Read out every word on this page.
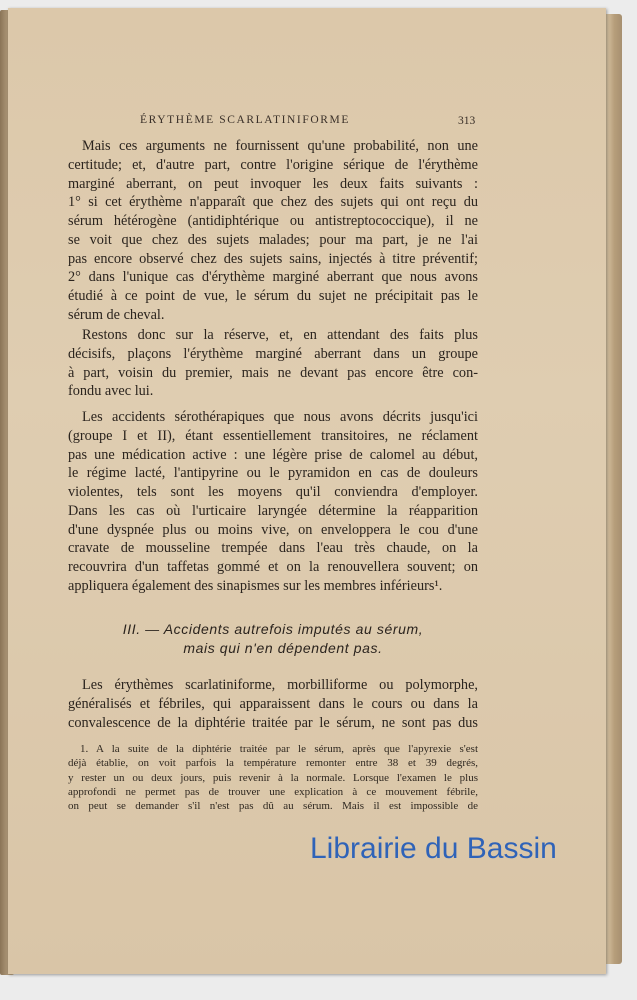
ÉRYTHÈME SCARLATINIFORME	313
Mais ces arguments ne fournissent qu'une probabilité, non une
certitude; et, d'autre part, contre l'origine sérique de l'érythème
marginé aberrant, on peut invoquer les deux faits suivants :
1° si cet érythème n'apparaît que chez des sujets qui ont reçu du
sérum hétérogène (antidiphtérique ou antistreptococcique), il ne
se voit que chez des sujets malades; pour ma part, je ne l'ai
pas encore observé chez des sujets sains, injectés à titre préventif;
2° dans l'unique cas d'érythème marginé aberrant que nous avons
étudié à ce point de vue, le sérum du sujet ne précipitait pas le
sérum de cheval.
Restons donc sur la réserve, et, en attendant des faits plus
décisifs, plaçons l'érythème marginé aberrant dans un groupe
à part, voisin du premier, mais ne devant pas encore être con-
fondu avec lui.
Les accidents sérothérapiques que nous avons décrits jusqu'ici
(groupe I et II), étant essentiellement transitoires, ne réclament
pas une médication active : une légère prise de calomel au début,
le régime lacté, l'antipyrine ou le pyramidon en cas de douleurs
violentes, tels sont les moyens qu'il conviendra d'employer.
Dans les cas où l'urticaire laryngée détermine la réapparition
d'une dyspnée plus ou moins vive, on enveloppera le cou d'une
cravate de mousseline trempée dans l'eau très chaude, on la
recouvrira d'un taffetas gommé et on la renouvellera souvent; on
appliquera également des sinapismes sur les membres inférieurs¹.
Les érythèmes scarlatiniforme, morbilliforme ou polymorphe,
généralisés et fébriles, qui apparaissent dans le cours ou dans la
convalescence de la diphtérie traitée par le sérum, ne sont pas dus
III. — Accidents autrefois imputés au sérum,
mais qui n'en dépendent pas.
1. A la suite de la diphtérie traitée par le sérum, après que l'apyrexie s'est
déjà établie, on voit parfois la température remonter entre 38 et 39 degrés,
y rester un ou deux jours, puis revenir à la normale. Lorsque l'examen le plus
approfondi ne permet pas de trouver une explication à ce mouvement fébrile,
on peut se demander s'il n'est pas dû au sérum. Mais il est impossible de
Librairie du Bassin
